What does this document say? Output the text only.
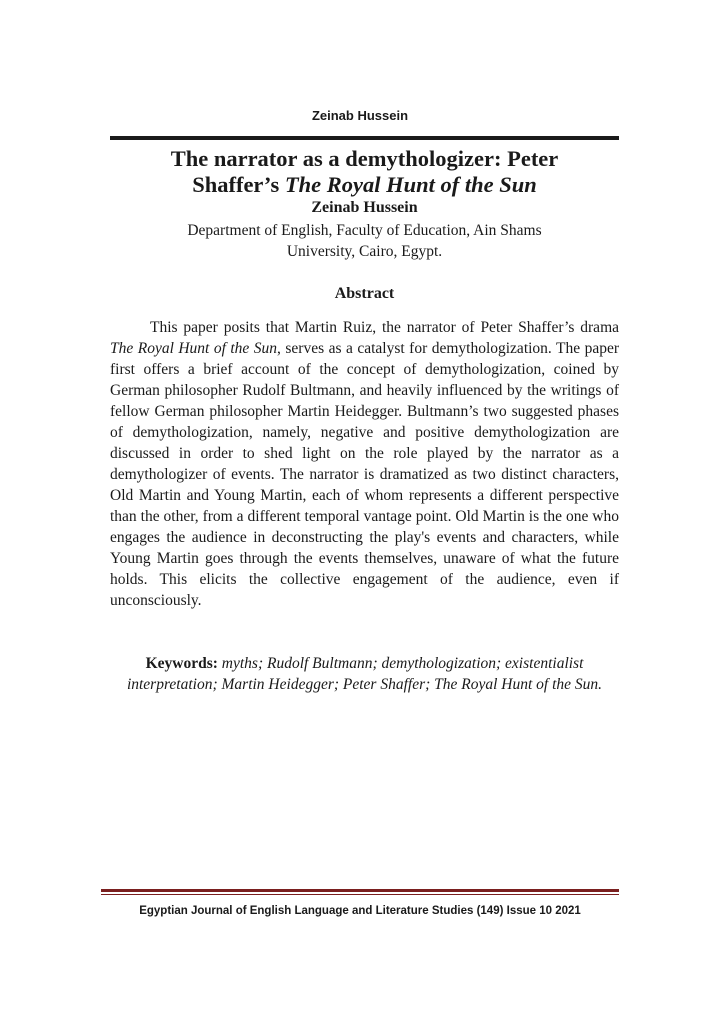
Zeinab Hussein
The narrator as a demythologizer: Peter
Shaffer’s The Royal Hunt of the Sun
Zeinab Hussein
Department of English, Faculty of Education, Ain Shams
University, Cairo, Egypt.
Abstract
This paper posits that Martin Ruiz, the narrator of Peter Shaffer’s drama The Royal Hunt of the Sun, serves as a catalyst for demythologization. The paper first offers a brief account of the concept of demythologization, coined by German philosopher Rudolf Bultmann, and heavily influenced by the writings of fellow German philosopher Martin Heidegger. Bultmann’s two suggested phases of demythologization, namely, negative and positive demythologization are discussed in order to shed light on the role played by the narrator as a demythologizer of events. The narrator is dramatized as two distinct characters, Old Martin and Young Martin, each of whom represents a different perspective than the other, from a different temporal vantage point. Old Martin is the one who engages the audience in deconstructing the play's events and characters, while Young Martin goes through the events themselves, unaware of what the future holds. This elicits the collective engagement of the audience, even if unconsciously.
Keywords: myths; Rudolf Bultmann; demythologization; existentialist interpretation; Martin Heidegger; Peter Shaffer; The Royal Hunt of the Sun.
Egyptian Journal of English Language and Literature Studies (149) Issue 10 2021
